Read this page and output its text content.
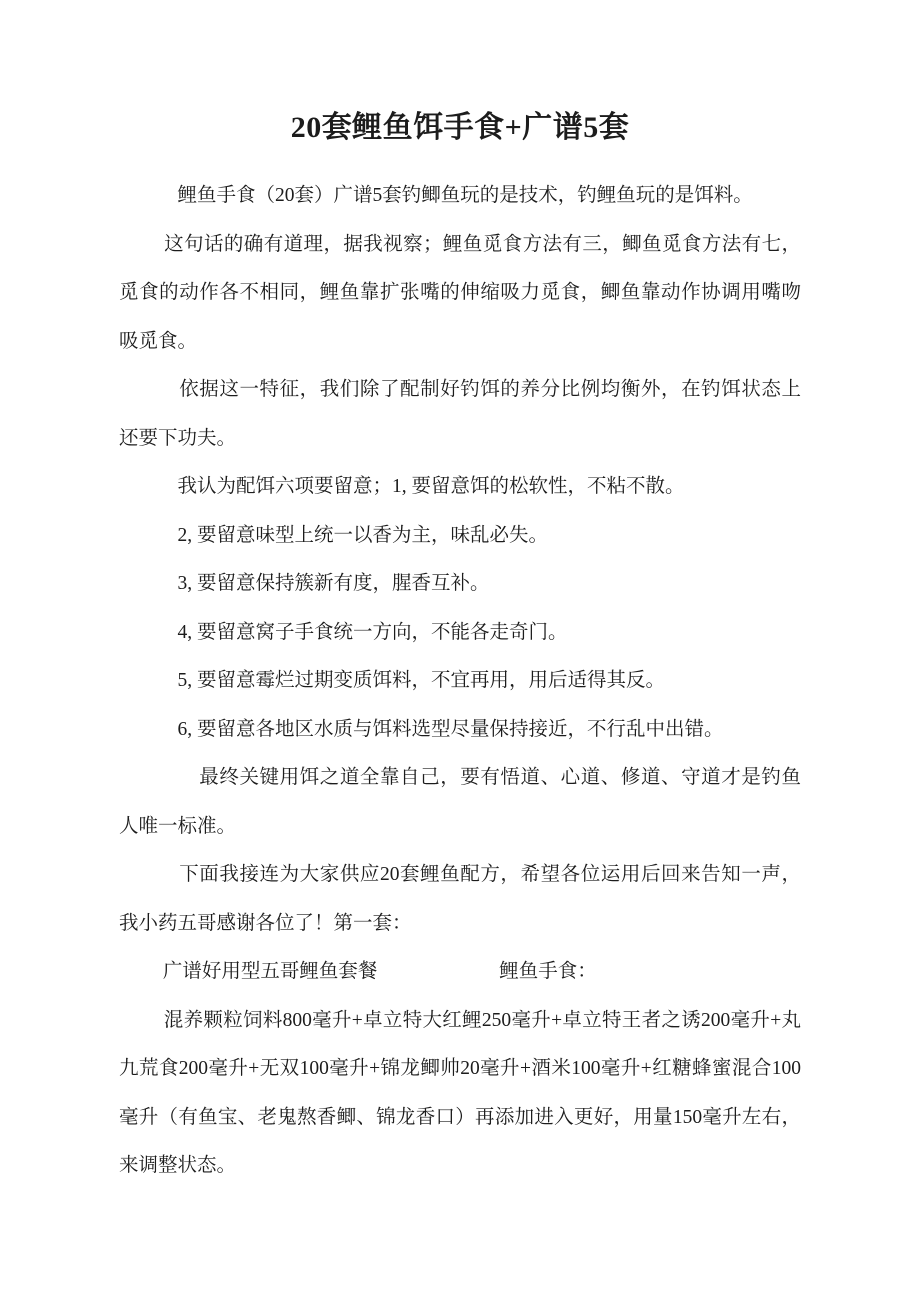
20套鲤鱼饵手食+广谱5套

　　　鲤鱼手食（20套）广谱5套钓鲫鱼玩的是技术，钓鲤鱼玩的是饵料。

　　 这句话的确有道理，据我视察；鲤鱼觅食方法有三，鲫鱼觅食方法有七，觅食的动作各不相同，鲤鱼靠扩张嘴的伸缩吸力觅食，鲫鱼靠动作协调用嘴吻吸觅食。

　　　依据这一特征，我们除了配制好钓饵的养分比例均衡外，在钓饵状态上还要下功夫。

　　　我认为配饵六项要留意；1, 要留意饵的松软性，不粘不散。

　　　2, 要留意味型上统一以香为主，味乱必失。

　　　3, 要留意保持簇新有度，腥香互补。

　　　4, 要留意窝子手食统一方向，不能各走奇门。

　　　5, 要留意霉烂过期变质饵料，不宜再用，用后适得其反。

　　　6, 要留意各地区水质与饵料选型尽量保持接近，不行乱中出错。

　　　　最终关键用饵之道全靠自己，要有悟道、心道、修道、守道才是钓鱼人唯一标准。

　　　下面我接连为大家供应20套鲤鱼配方，希望各位运用后回来告知一声，我小药五哥感谢各位了！第一套：

　　 广谱好用型五哥鲤鱼套餐　　　　　　 鲤鱼手食：

　　 混养颗粒饲料800毫升+卓立特大红鲤250毫升+卓立特王者之诱200毫升+丸九荒食200毫升+无双100毫升+锦龙鲫帅20毫升+酒米100毫升+红糖蜂蜜混合100毫升（有鱼宝、老鬼熬香鲫、锦龙香口）再添加进入更好，用量150毫升左右，来调整状态。
